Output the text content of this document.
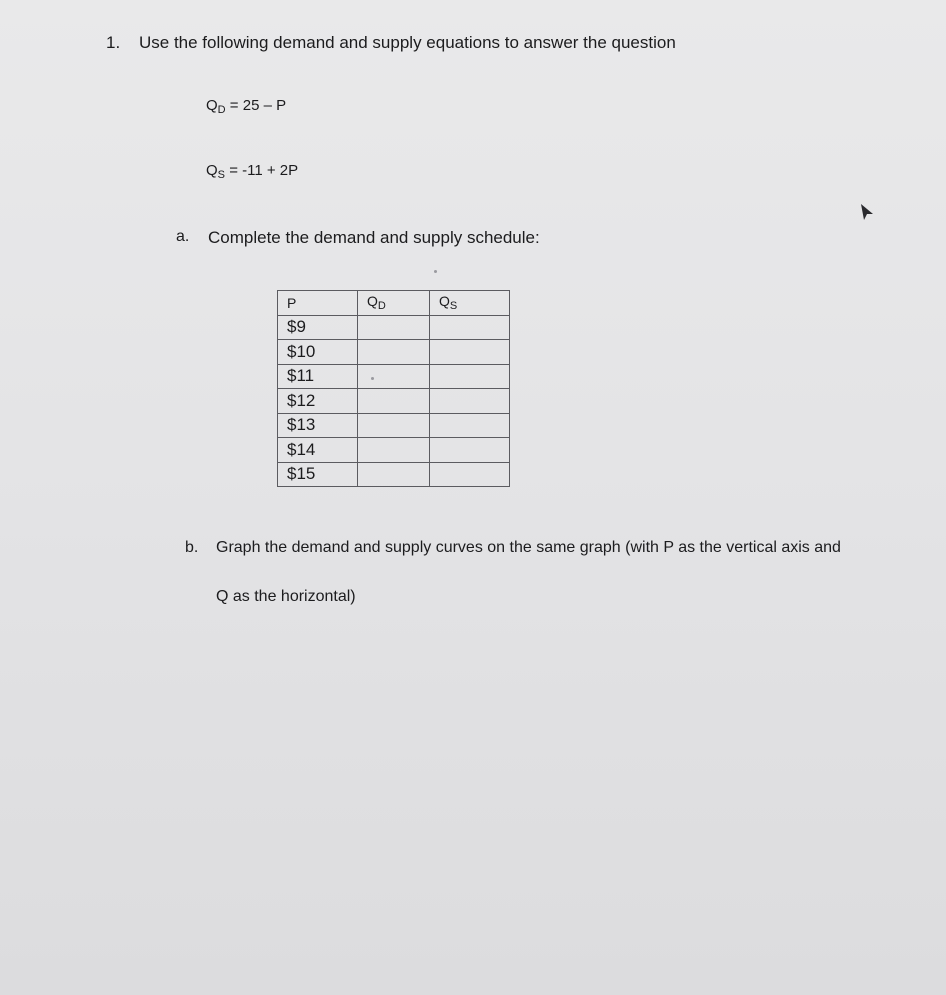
1. Use the following demand and supply equations to answer the question
$Q_D = 25 - P$
$Q_S = -11 + 2P$
a. Complete the demand and supply schedule:
P	$Q_D$	$Q_S$
$9		
$10		
$11		
$12		
$13		
$14		
$15		
b. Graph the demand and supply curves on the same graph (with P as the vertical axis and
Q as the horizontal)
